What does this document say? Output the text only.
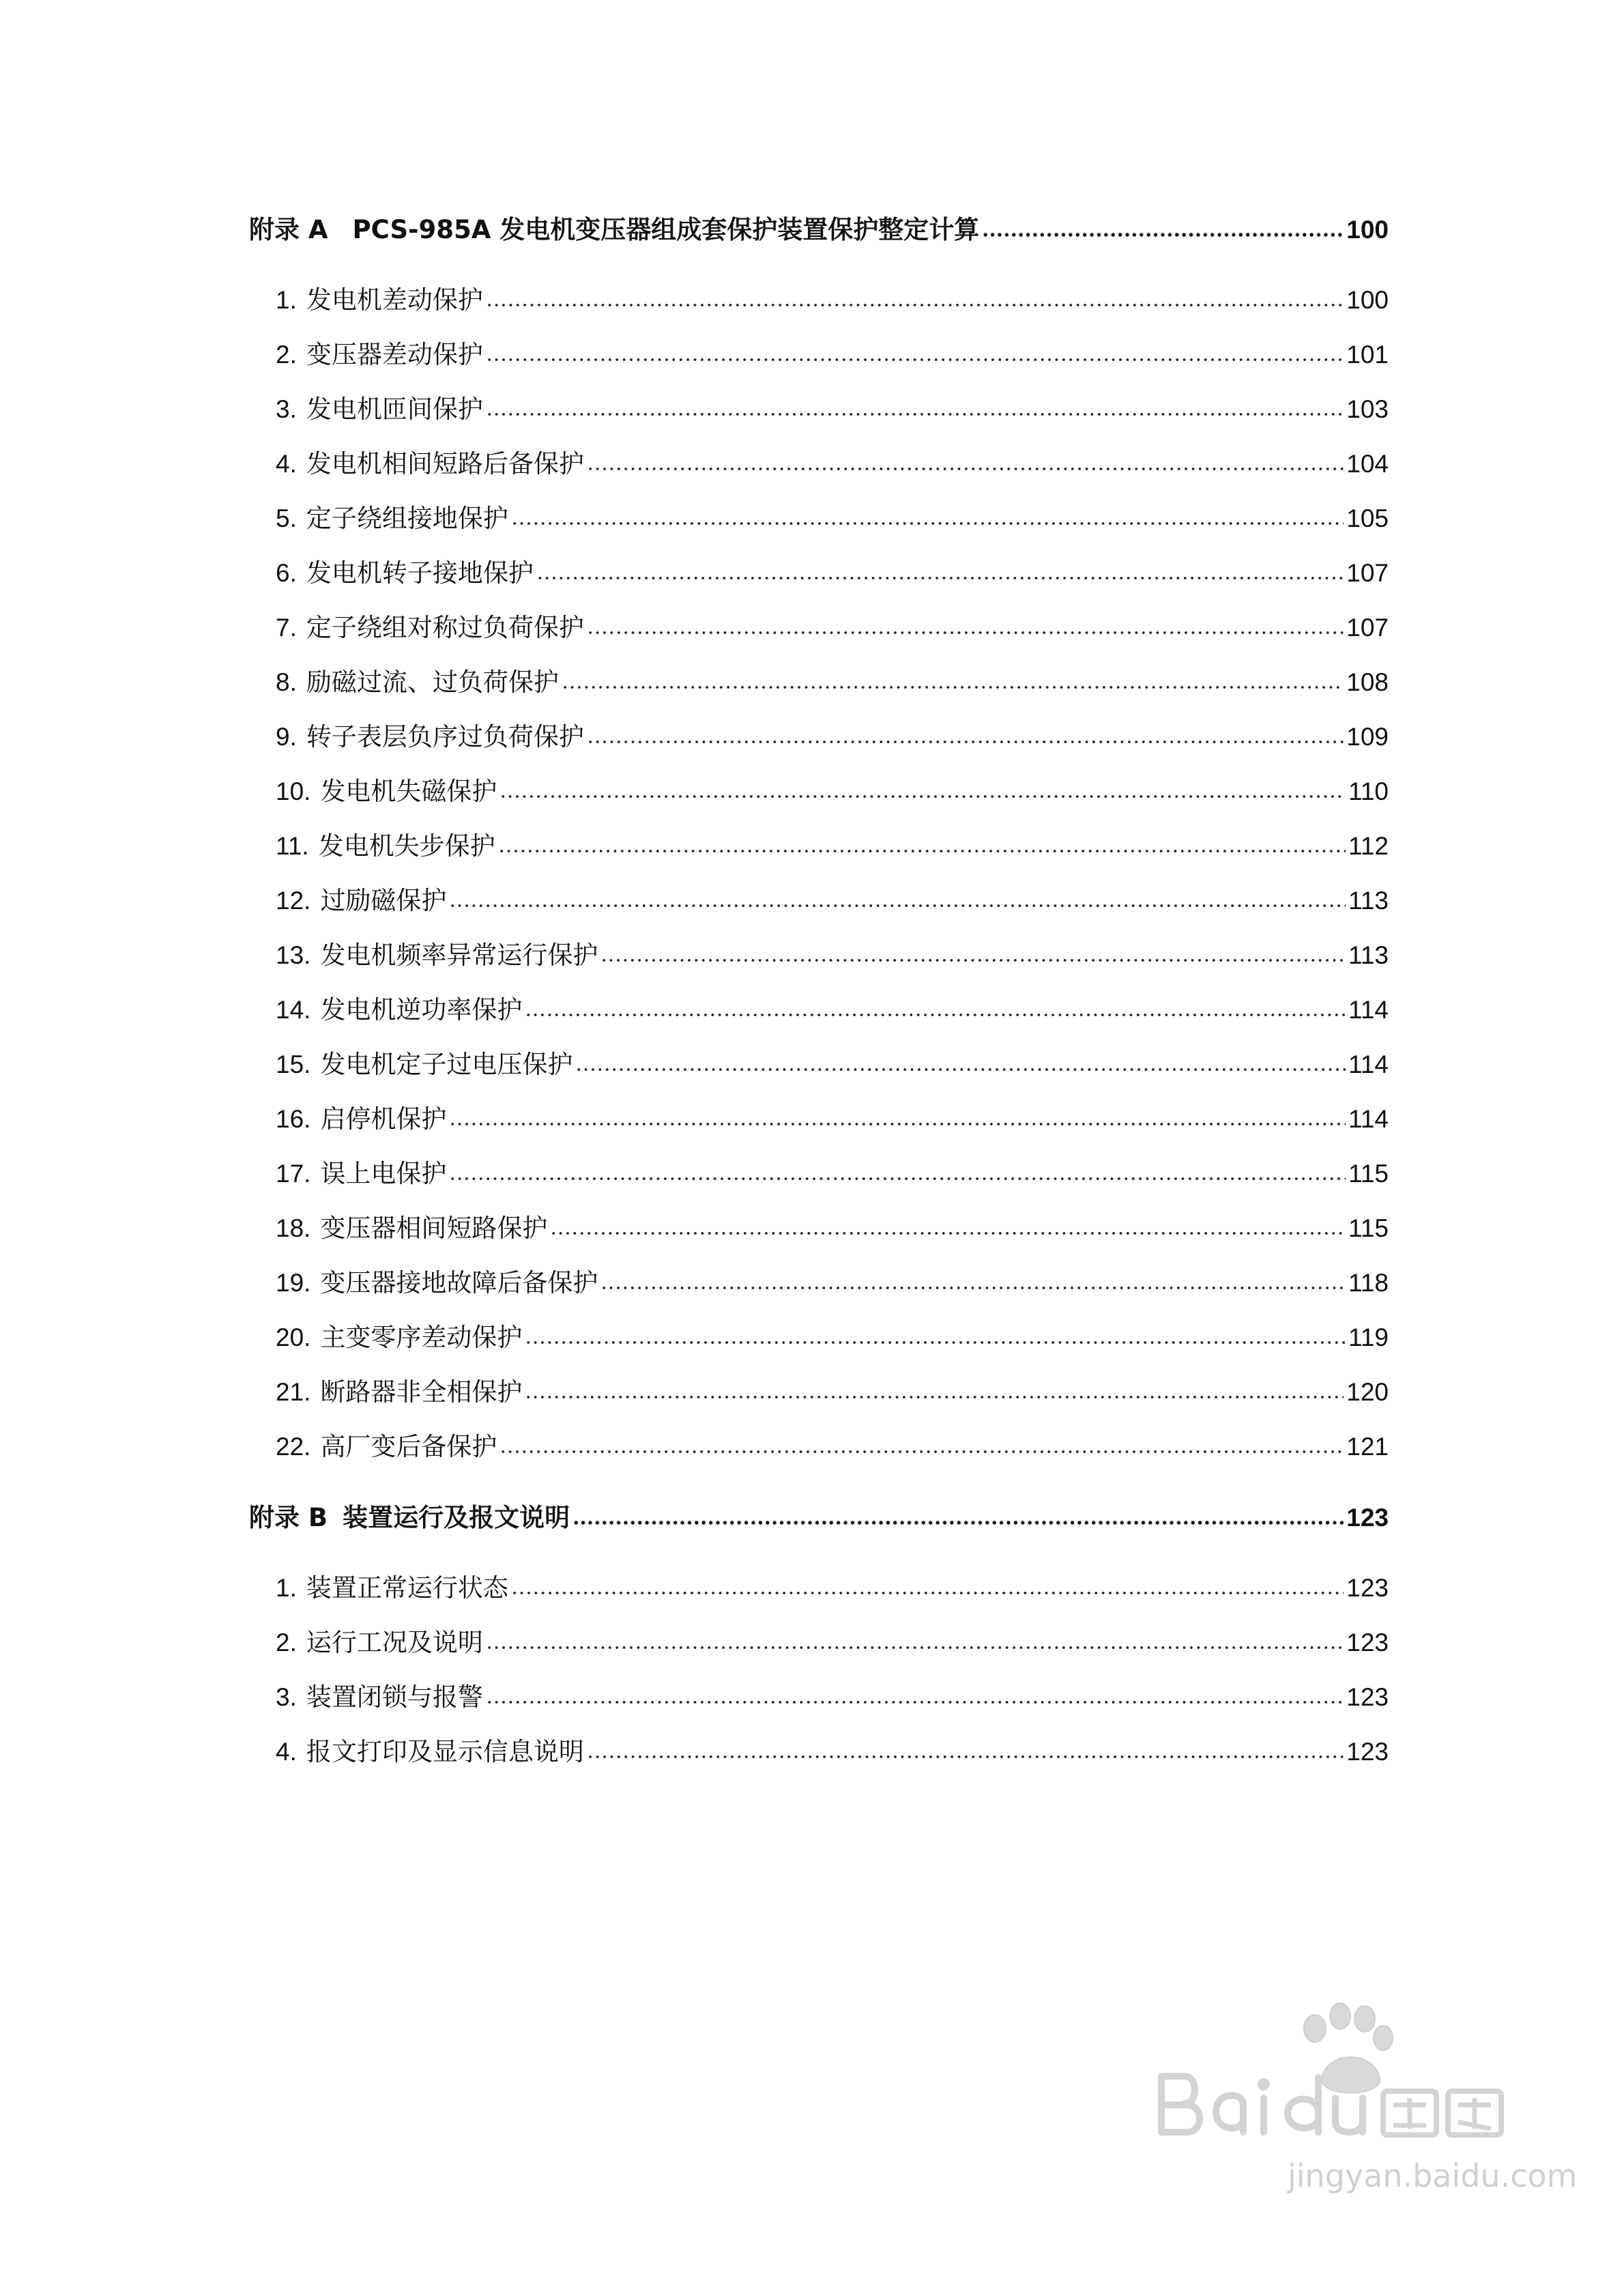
附录 A PCS-985A 发电机变压器组成套保护装置保护整定计算	100
1. 发电机差动保护	100
2. 变压器差动保护	101
3. 发电机匝间保护	103
4. 发电机相间短路后备保护	104
5. 定子绕组接地保护	105
6. 发电机转子接地保护	107
7. 定子绕组对称过负荷保护	107
8. 励磁过流、过负荷保护	108
9. 转子表层负序过负荷保护	109
10. 发电机失磁保护	110
11. 发电机失步保护	112
12. 过励磁保护	113
13. 发电机频率异常运行保护	113
14. 发电机逆功率保护	114
15. 发电机定子过电压保护	114
16. 启停机保护	114
17. 误上电保护	115
18. 变压器相间短路保护	115
19. 变压器接地故障后备保护	118
20. 主变零序差动保护	119
21. 断路器非全相保护	120
22. 高厂变后备保护	121
附录 B 装置运行及报文说明	123
1. 装置正常运行状态	123
2. 运行工况及说明	123
3. 装置闭锁与报警	123
4. 报文打印及显示信息说明	123
jingyan.baidu.com
